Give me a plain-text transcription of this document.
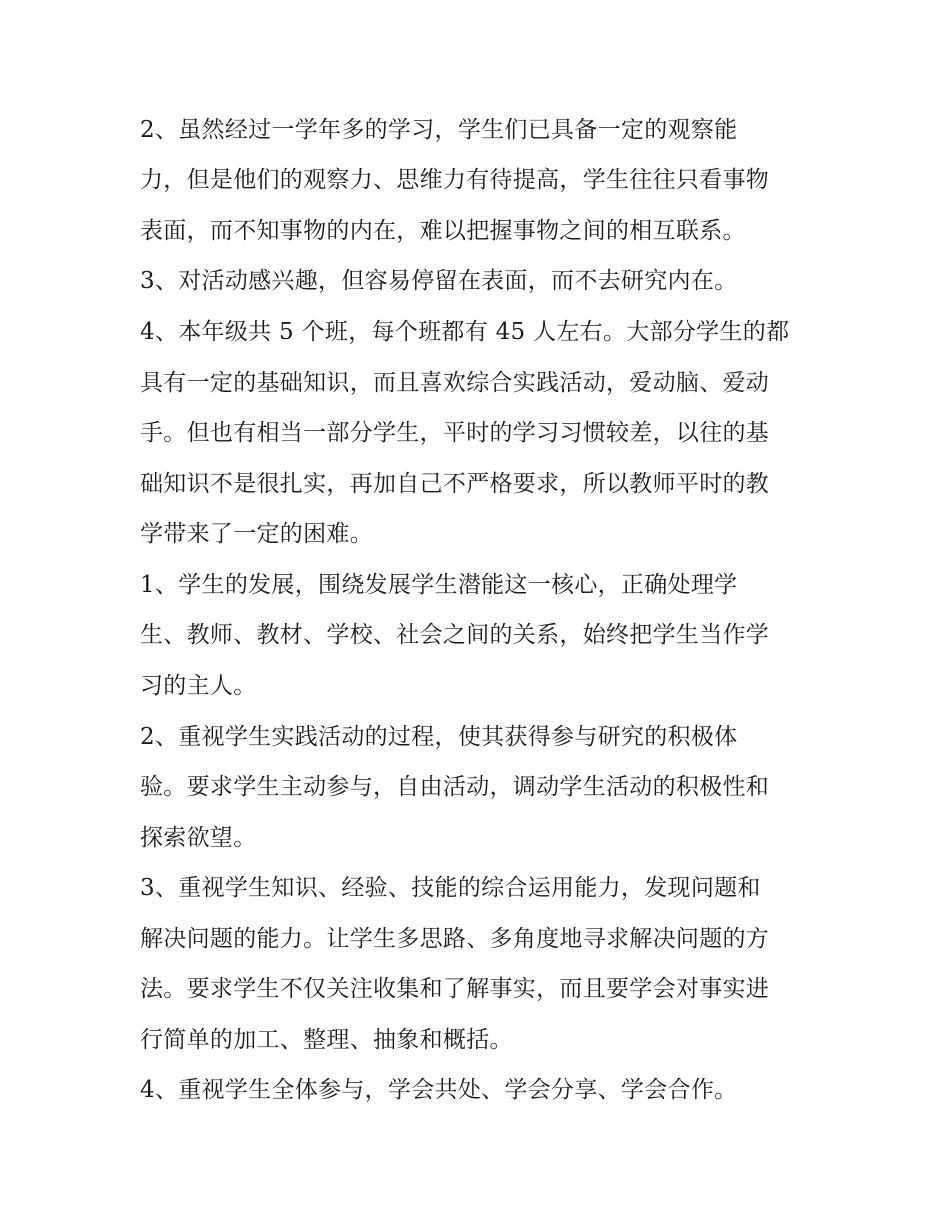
2、虽然经过一学年多的学习，学生们已具备一定的观察能
力，但是他们的观察力、思维力有待提高，学生往往只看事物
表面，而不知事物的内在，难以把握事物之间的相互联系。
3、对活动感兴趣，但容易停留在表面，而不去研究内在。
4、本年级共 5 个班，每个班都有 45 人左右。大部分学生的都
具有一定的基础知识，而且喜欢综合实践活动，爱动脑、爱动
手。但也有相当一部分学生，平时的学习习惯较差，以往的基
础知识不是很扎实，再加自己不严格要求，所以教师平时的教
学带来了一定的困难。
1、学生的发展，围绕发展学生潜能这一核心，正确处理学
生、教师、教材、学校、社会之间的关系，始终把学生当作学
习的主人。
2、重视学生实践活动的过程，使其获得参与研究的积极体
验。要求学生主动参与，自由活动，调动学生活动的积极性和
探索欲望。
3、重视学生知识、经验、技能的综合运用能力，发现问题和
解决问题的能力。让学生多思路、多角度地寻求解决问题的方
法。要求学生不仅关注收集和了解事实，而且要学会对事实进
行简单的加工、整理、抽象和概括。
4、重视学生全体参与，学会共处、学会分享、学会合作。
